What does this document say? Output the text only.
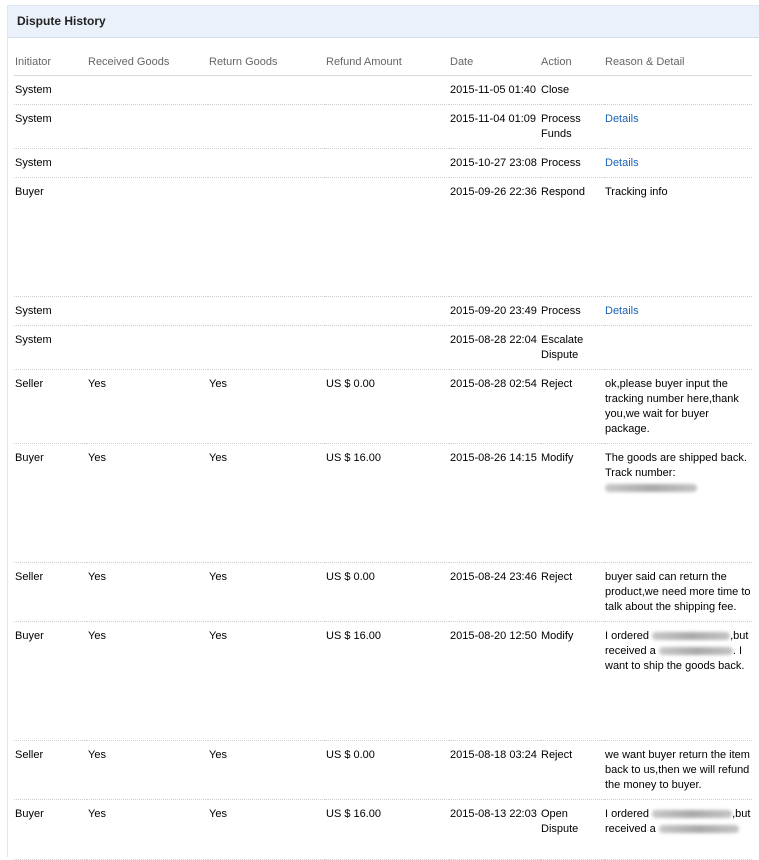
Dispute History
Initiator	Received Goods	Return Goods	Refund Amount	Date	Action	Reason & Detail
System				2015-11-05 01:40	Close	
System				2015-11-04 01:09	Process Funds	Details
System				2015-10-27 23:08	Process	Details
Buyer				2015-09-26 22:36	Respond	Tracking info
System				2015-09-20 23:49	Process	Details
System				2015-08-28 22:04	Escalate Dispute	
Seller	Yes	Yes	US $ 0.00	2015-08-28 02:54	Reject	ok,please buyer input the tracking number here,thank you,we wait for buyer package.
Buyer	Yes	Yes	US $ 16.00	2015-08-26 14:15	Modify	The goods are shipped back.
Track number:

Seller	Yes	Yes	US $ 0.00	2015-08-24 23:46	Reject	buyer said can return the product,we need more time to talk about the shipping fee.
Buyer	Yes	Yes	US $ 16.00	2015-08-20 12:50	Modify	I ordered ,but received a . I want to ship the goods back.
Seller	Yes	Yes	US $ 0.00	2015-08-18 03:24	Reject	we want buyer return the item back to us,then we will refund the money to buyer.
Buyer	Yes	Yes	US $ 16.00	2015-08-13 22:03	Open Dispute	I ordered ,but received a
